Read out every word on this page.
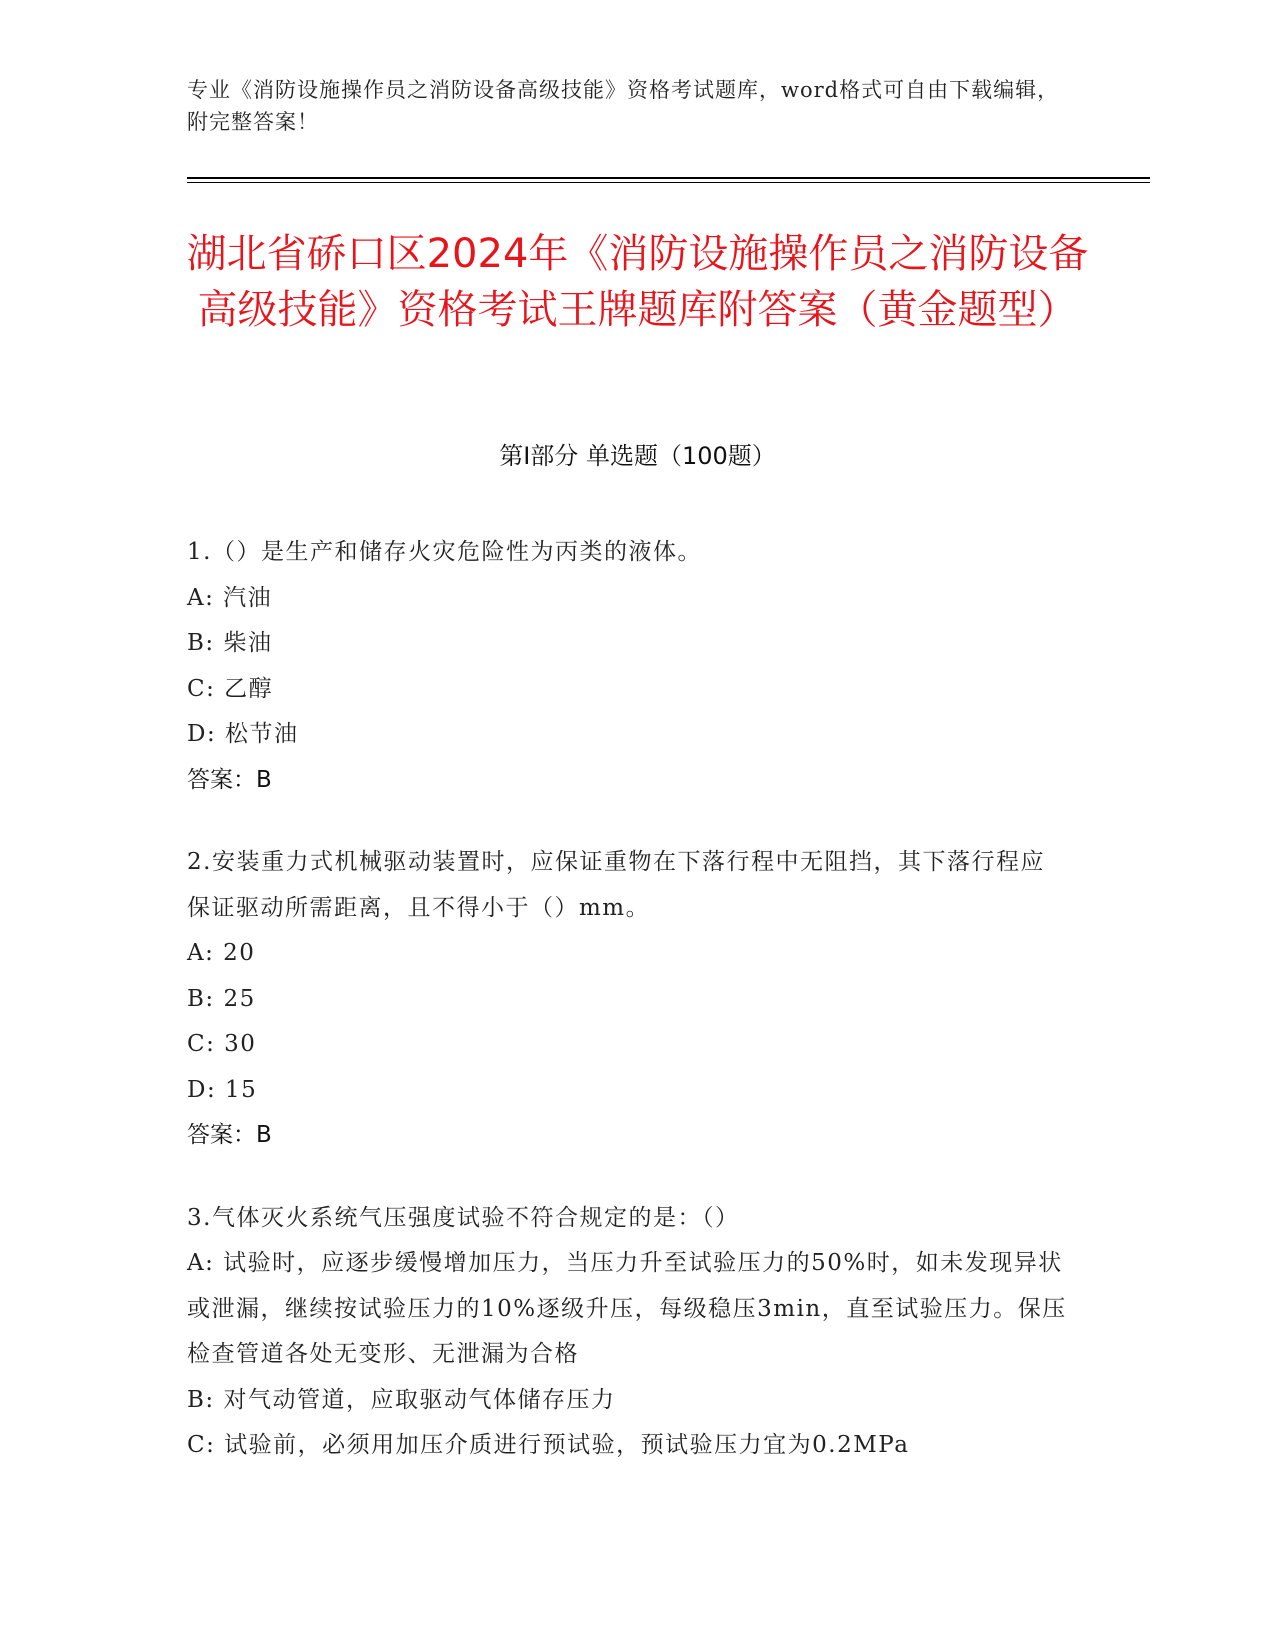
专业《消防设施操作员之消防设备高级技能》资格考试题库，word格式可自由下载编辑，附完整答案！
湖北省硚口区2024年《消防设施操作员之消防设备高级技能》资格考试王牌题库附答案（黄金题型）
第I部分 单选题（100题）
1.（）是生产和储存火灾危险性为丙类的液体。
A: 汽油
B: 柴油
C: 乙醇
D: 松节油
答案：B
2.安装重力式机械驱动装置时，应保证重物在下落行程中无阻挡，其下落行程应保证驱动所需距离，且不得小于（）mm。
A: 20
B: 25
C: 30
D: 15
答案：B
3.气体灭火系统气压强度试验不符合规定的是：（）
A: 试验时，应逐步缓慢增加压力，当压力升至试验压力的50%时，如未发现异状或泄漏，继续按试验压力的10%逐级升压，每级稳压3min，直至试验压力。保压检查管道各处无变形、无泄漏为合格
B: 对气动管道，应取驱动气体储存压力
C: 试验前，必须用加压介质进行预试验，预试验压力宜为0.2MPa
